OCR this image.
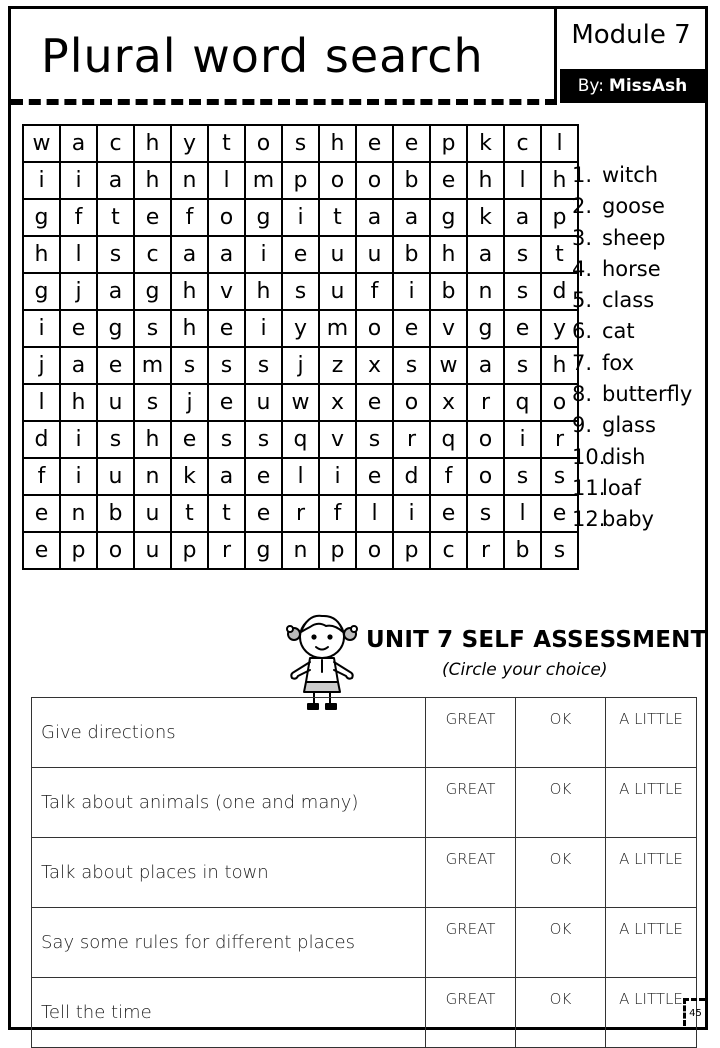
Plural word search	Module 7
By: MissAsh
w	a	c	h	y	t	o	s	h	e	e	p	k	c	l
i	i	a	h	n	l	m	p	o	o	b	e	h	l	h
g	f	t	e	f	o	g	i	t	a	a	g	k	a	p
h	l	s	c	a	a	i	e	u	u	b	h	a	s	t
g	j	a	g	h	v	h	s	u	f	i	b	n	s	d
i	e	g	s	h	e	i	y	m	o	e	v	g	e	y
j	a	e	m	s	s	s	j	z	x	s	w	a	s	h
l	h	u	s	j	e	u	w	x	e	o	x	r	q	o
d	i	s	h	e	s	s	q	v	s	r	q	o	i	r
f	i	u	n	k	a	e	l	i	e	d	f	o	s	s
e	n	b	u	t	t	e	r	f	l	i	e	s	l	e
e	p	o	u	p	r	g	n	p	o	p	c	r	b	s
1. witch
2. goose
3. sheep
4. horse
5. class
6. cat
7. fox
8. butterfly
9. glass
10.dish
11.loaf
12.baby
UNIT 7 SELF ASSESSMENT
(Circle your choice)
Give directions	GREAT	OK	A LITTLE
Talk about animals (one and many)	GREAT	OK	A LITTLE
Talk about places in town	GREAT	OK	A LITTLE
Say some rules for different places	GREAT	OK	A LITTLE
Tell the time	GREAT	OK	A LITTLE
45
